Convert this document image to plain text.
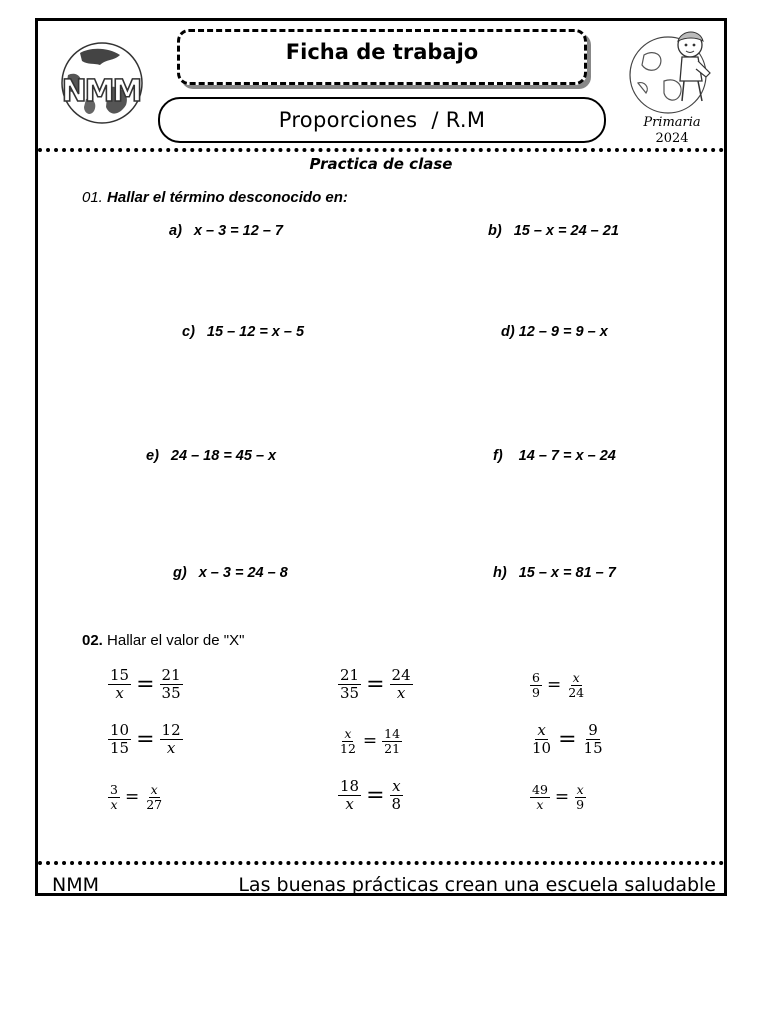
NMM
Ficha de trabajo
Proporciones  / R.M	Primaria
2024
Practica de clase
01. Hallar el término desconocido en:
a) x – 3 = 12 – 7	b) 15 – x = 24 – 21
c) 15 – 12 = x – 5	d) 12 – 9 = 9 – x
e) 24 – 18 = 45 – x	f) 14 – 7 = x – 24
g) x – 3 = 24 – 8	h) 15 – x = 81 – 7
02. Hallar el valor de "X"
$\frac{15}{x} = \frac{21}{35}$	$\frac{21}{35} = \frac{24}{x}$	$\frac{6}{9} = \frac{x}{24}$
$\frac{10}{15} = \frac{12}{x}$	$\frac{x}{12} = \frac{14}{21}$	$\frac{x}{10} = \frac{9}{15}$
$\frac{3}{x} = \frac{x}{27}$	$\frac{18}{x} = \frac{x}{8}$	$\frac{49}{x} = \frac{x}{9}$
NMM	Las buenas prácticas crean una escuela saludable
